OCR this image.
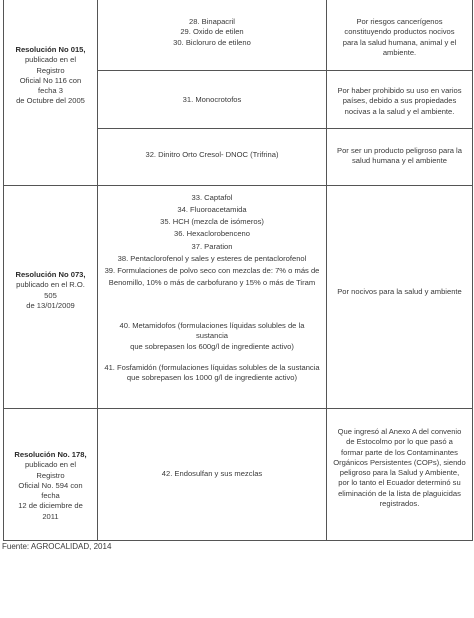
Resolución No 015,
publicado en el Registro
Oficial No 116 con fecha 3
de Octubre del 2005
28. Binapacril
29. Oxido de etilen
30. Bicloruro de etileno
Por riesgos cancerígenos
constituyendo productos nocivos
para la salud humana, animal y el
ambiente.
31. Monocrotofos
Por haber prohibido su uso en varios
países, debido a sus propiedades
nocivas a la salud y el ambiente.
32. Dinitro Orto Cresol- DNOC (Trifrina)	Por ser un producto peligroso para la
salud humana y el ambiente
Resolución No 073,
publicado en el R.O. 505
de 13/01/2009
33. Captafol
34. Fluoroacetamida
35. HCH (mezcla de isómeros)
36. Hexaclorobenceno
37. Paration
38. Pentaclorofenol y sales y esteres de pentaclorofenol
39. Formulaciones de polvo seco con mezclas de: 7% o más de
Benomillo, 10% o más de carbofurano y 15% o más de Tiram
40. Metamidofos (formulaciones líquidas solubles de la sustancia
que sobrepasen los 600g/l de ingrediente activo)
41. Fosfamidón (formulaciones líquidas solubles de la sustancia
que sobrepasen los 1000 g/l de ingrediente activo)
Por nocivos para la salud y ambiente
Resolución No. 178,
publicado en el Registro
Oficial No. 594 con fecha
12 de diciembre de 2011
42. Endosulfan y sus mezclas
Que ingresó al Anexo A del convenio
de Estocolmo por lo que pasó a
formar parte de los Contaminantes
Orgánicos Persistentes (COPs), siendo
peligroso para la Salud y Ambiente,
por lo tanto el Ecuador determinó su
eliminación de la lista de plaguicidas
registrados.
Fuente: AGROCALIDAD, 2014
